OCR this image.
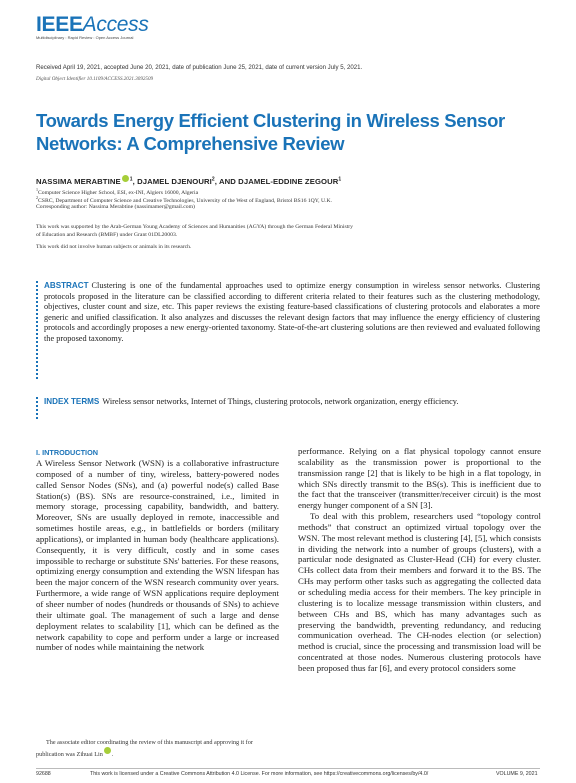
IEEEAccess
Multidisciplinary : Rapid Review : Open Access Journal
Received April 19, 2021, accepted June 20, 2021, date of publication June 25, 2021, date of current version July 5, 2021.
Digital Object Identifier 10.1109/ACCESS.2021.3092509
Towards Energy Efficient Clustering in Wireless Sensor Networks: A Comprehensive Review
NASSIMA MERABTINE $^1$, DJAMEL DJENOURI$^2$, AND DJAMEL-EDDINE ZEGOUR$^1$
$^1$Computer Science Higher School, ESI, ex-INI, Algiers 16000, Algeria
$^2$CSRC, Department of Computer Science and Creative Technologies, University of the West of England, Bristol BS16 1QY, U.K.
Corresponding author: Nassima Merabtine (nassimamer@gmail.com)
This work was supported by the Arab-German Young Academy of Sciences and Humanities (AGYA) through the German Federal Ministry
of Education and Research (BMBF) under Grant 01DL20003.
This work did not involve human subjects or animals in its research.
ABSTRACT Clustering is one of the fundamental approaches used to optimize energy consumption in wireless sensor networks. Clustering protocols proposed in the literature can be classified according to different criteria related to their features such as the clustering methodology, objectives, cluster count and size, etc. This paper reviews the existing feature-based classifications of clustering protocols and elaborates a more generic and unified classification. It also analyzes and discusses the relevant design factors that may influence the energy efficiency of clustering protocols and accordingly proposes a new energy-oriented taxonomy. State-of-the-art clustering solutions are then reviewed and evaluated following the proposed taxonomy.
INDEX TERMS Wireless sensor networks, Internet of Things, clustering protocols, network organization, energy efficiency.
I. INTRODUCTION

A Wireless Sensor Network (WSN) is a collaborative infrastructure composed of a number of tiny, wireless, battery-powered nodes called Sensor Nodes (SNs), and (a) powerful node(s) called Base Station(s) (BS). SNs are resource-constrained, i.e., limited in memory storage, processing capability, bandwidth, and battery. Moreover, SNs are usually deployed in remote, inaccessible and sometimes hostile areas, e.g., in battlefields or borders (military applications), or implanted in human body (healthcare applications). Consequently, it is very difficult, costly and in some cases impossible to recharge or substitute SNs' batteries. For these reasons, optimizing energy consumption and extending the WSN lifespan has been the major concern of the WSN research community over years. Furthermore, a wide range of WSN applications require deployment of sheer number of nodes (hundreds or thousands of SNs) to achieve their ultimate goal. The management of such a large and dense deployment relates to scalability [1], which can be defined as the network capability to cope and perform under a large or increased number of nodes while maintaining the network

performance. Relying on a flat physical topology cannot ensure scalability as the transmission power is proportional to the transmission range [2] that is likely to be high in a flat topology, in which SNs directly transmit to the BS(s). This is inefficient due to the fact that the transceiver (transmitter/receiver circuit) is the most energy hunger component of a SN [3].

To deal with this problem, researchers used “topology control methods” that construct an optimized virtual topology over the WSN. The most relevant method is clustering [4], [5], which consists in dividing the network into a number of groups (clusters), with a particular node designated as Cluster-Head (CH) for every cluster. CHs collect data from their members and forward it to the BS. The CHs may perform other tasks such as aggregating the collected data or scheduling media access for their members. The key principle in clustering is to localize message transmission within clusters, and between CHs and BS, which has many advantages such as preserving the bandwidth, preventing redundancy, and reducing communication overhead. The CH-nodes election (or selection) method is crucial, since the processing and transmission load will be concentrated at those nodes. Numerous clustering protocols have been proposed thus far [6], and every protocol considers some

The associate editor coordinating the review of this manuscript and approving it for publication was Zihuai Lin .
92688	This work is licensed under a Creative Commons Attribution 4.0 License. For more information, see https://creativecommons.org/licenses/by/4.0/	VOLUME 9, 2021
